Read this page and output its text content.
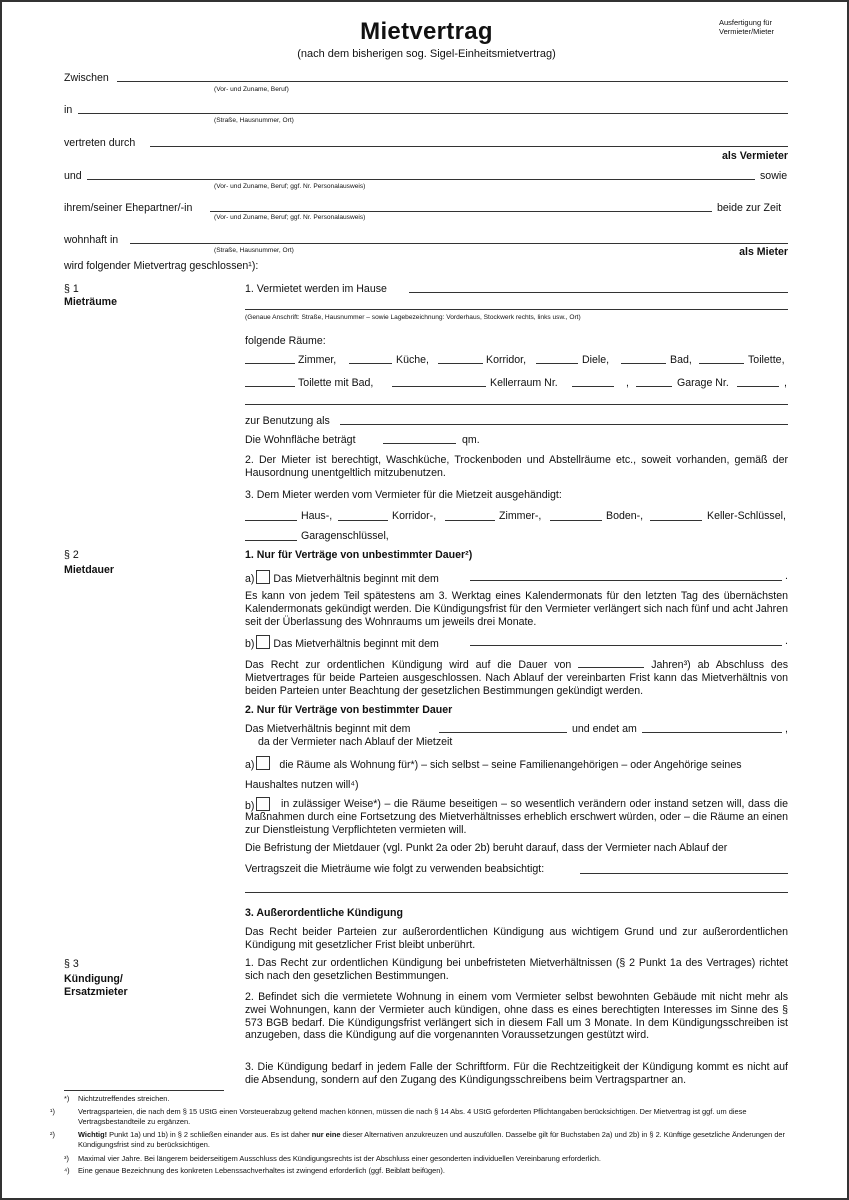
Mietvertrag
(nach dem bisherigen sog. Sigel-Einheitsmietvertrag)
Ausfertigung für
Vermieter/Mieter
Zwischen
(Vor- und Zuname, Beruf)
in
(Straße, Hausnummer, Ort)
vertreten durch
als Vermieter
und	sowie
(Vor- und Zuname, Beruf; ggf. Nr. Personalausweis)
ihrem/seiner Ehepartner/-in	beide zur Zeit
(Vor- und Zuname, Beruf; ggf. Nr. Personalausweis)
wohnhaft in
(Straße, Hausnummer, Ort)	als Mieter
wird folgender Mietvertrag geschlossen¹):
§ 1
Mieträume
1. Vermietet werden im Hause
(Genaue Anschrift: Straße, Hausnummer – sowie Lagebezeichnung: Vorderhaus, Stockwerk rechts, links usw., Ort)
folgende Räume:
Zimmer,	Küche,	Korridor,	Diele,	Bad,	Toilette,
Toilette mit Bad,	Kellerraum Nr.	,	Garage Nr.	,
zur Benutzung als
Die Wohnfläche beträgt	qm.
2. Der Mieter ist berechtigt, Waschküche, Trockenboden und Abstellräume etc., soweit vorhanden, gemäß der Hausordnung unentgeltlich mitzubenutzen.
3. Dem Mieter werden vom Vermieter für die Mietzeit ausgehändigt:
Haus-,	Korridor-,	Zimmer-,	Boden-,	Keller-Schlüssel,
Garagenschlüssel,
§ 2
Mietdauer
1. Nur für Verträge von unbestimmter Dauer²)
a) Das Mietverhältnis beginnt mit dem	.
Es kann von jedem Teil spätestens am 3. Werktag eines Kalendermonats für den letzten Tag des übernächsten Kalendermonats gekündigt werden. Die Kündigungsfrist für den Vermieter verlängert sich nach fünf und acht Jahren seit der Überlassung des Wohnraums um jeweils drei Monate.
b) Das Mietverhältnis beginnt mit dem	.
Das Recht zur ordentlichen Kündigung wird auf die Dauer von	Jahren³) ab Abschluss des Mietvertrages für beide Parteien ausgeschlossen. Nach Ablauf der vereinbarten Frist kann das Mietverhältnis von beiden Parteien unter Beachtung der gesetzlichen Bestimmungen gekündigt werden.
2. Nur für Verträge von bestimmter Dauer
Das Mietverhältnis beginnt mit dem	und endet am	,
da der Vermieter nach Ablauf der Mietzeit
a) die Räume als Wohnung für*) – sich selbst – seine Familienangehörigen – oder Angehörige seines
Haushaltes nutzen will⁴)
b)	in zulässiger Weise*) – die Räume beseitigen – so wesentlich verändern oder instand setzen will, dass die Maßnahmen durch eine Fortsetzung des Mietverhältnisses erheblich erschwert würden, oder – die Räume an einen zur Dienstleistung Verpflichteten vermieten will.
Die Befristung der Mietdauer (vgl. Punkt 2a oder 2b) beruht darauf, dass der Vermieter nach Ablauf der
Vertragszeit die Mieträume wie folgt zu verwenden beabsichtigt:
3. Außerordentliche Kündigung
Das Recht beider Parteien zur außerordentlichen Kündigung aus wichtigem Grund und zur außerordentlichen Kündigung mit gesetzlicher Frist bleibt unberührt.
§ 3
Kündigung/
Ersatzmieter
1. Das Recht zur ordentlichen Kündigung bei unbefristeten Mietverhältnissen (§ 2 Punkt 1a des Vertrages) richtet sich nach den gesetzlichen Bestimmungen.
2. Befindet sich die vermietete Wohnung in einem vom Vermieter selbst bewohnten Gebäude mit nicht mehr als zwei Wohnungen, kann der Vermieter auch kündigen, ohne dass es eines berechtigten Interesses im Sinne des § 573 BGB bedarf. Die Kündigungsfrist verlängert sich in diesem Fall um 3 Monate. In dem Kündigungsschreiben ist anzugeben, dass die Kündigung auf die vorgenannten Voraussetzungen gestützt wird.
3. Die Kündigung bedarf in jedem Falle der Schriftform. Für die Rechtzeitigkeit der Kündigung kommt es nicht auf die Absendung, sondern auf den Zugang des Kündigungsschreibens beim Vertragspartner an.
*) Nichtzutreffendes streichen.
¹)	Vertragsparteien, die nach dem § 15 UStG einen Vorsteuerabzug geltend machen können, müssen die nach § 14 Abs. 4 UStG geforderten Pflichtangaben berücksichtigen. Der Mietvertrag ist ggf. um diese Vertragsbestandteile zu ergänzen.
²)	Wichtig! Punkt 1a) und 1b) in § 2 schließen einander aus. Es ist daher nur eine dieser Alternativen anzukreuzen und auszufüllen. Dasselbe gilt für Buchstaben 2a) und 2b) in § 2. Künftige gesetzliche Änderungen der Kündigungsfrist sind zu berücksichtigen.
³) Maximal vier Jahre. Bei längerem beiderseitigem Ausschluss des Kündigungsrechts ist der Abschluss einer gesonderten individuellen Vereinbarung erforderlich.
⁴) Eine genaue Bezeichnung des konkreten Lebenssachverhaltes ist zwingend erforderlich (ggf. Beiblatt beifügen).
